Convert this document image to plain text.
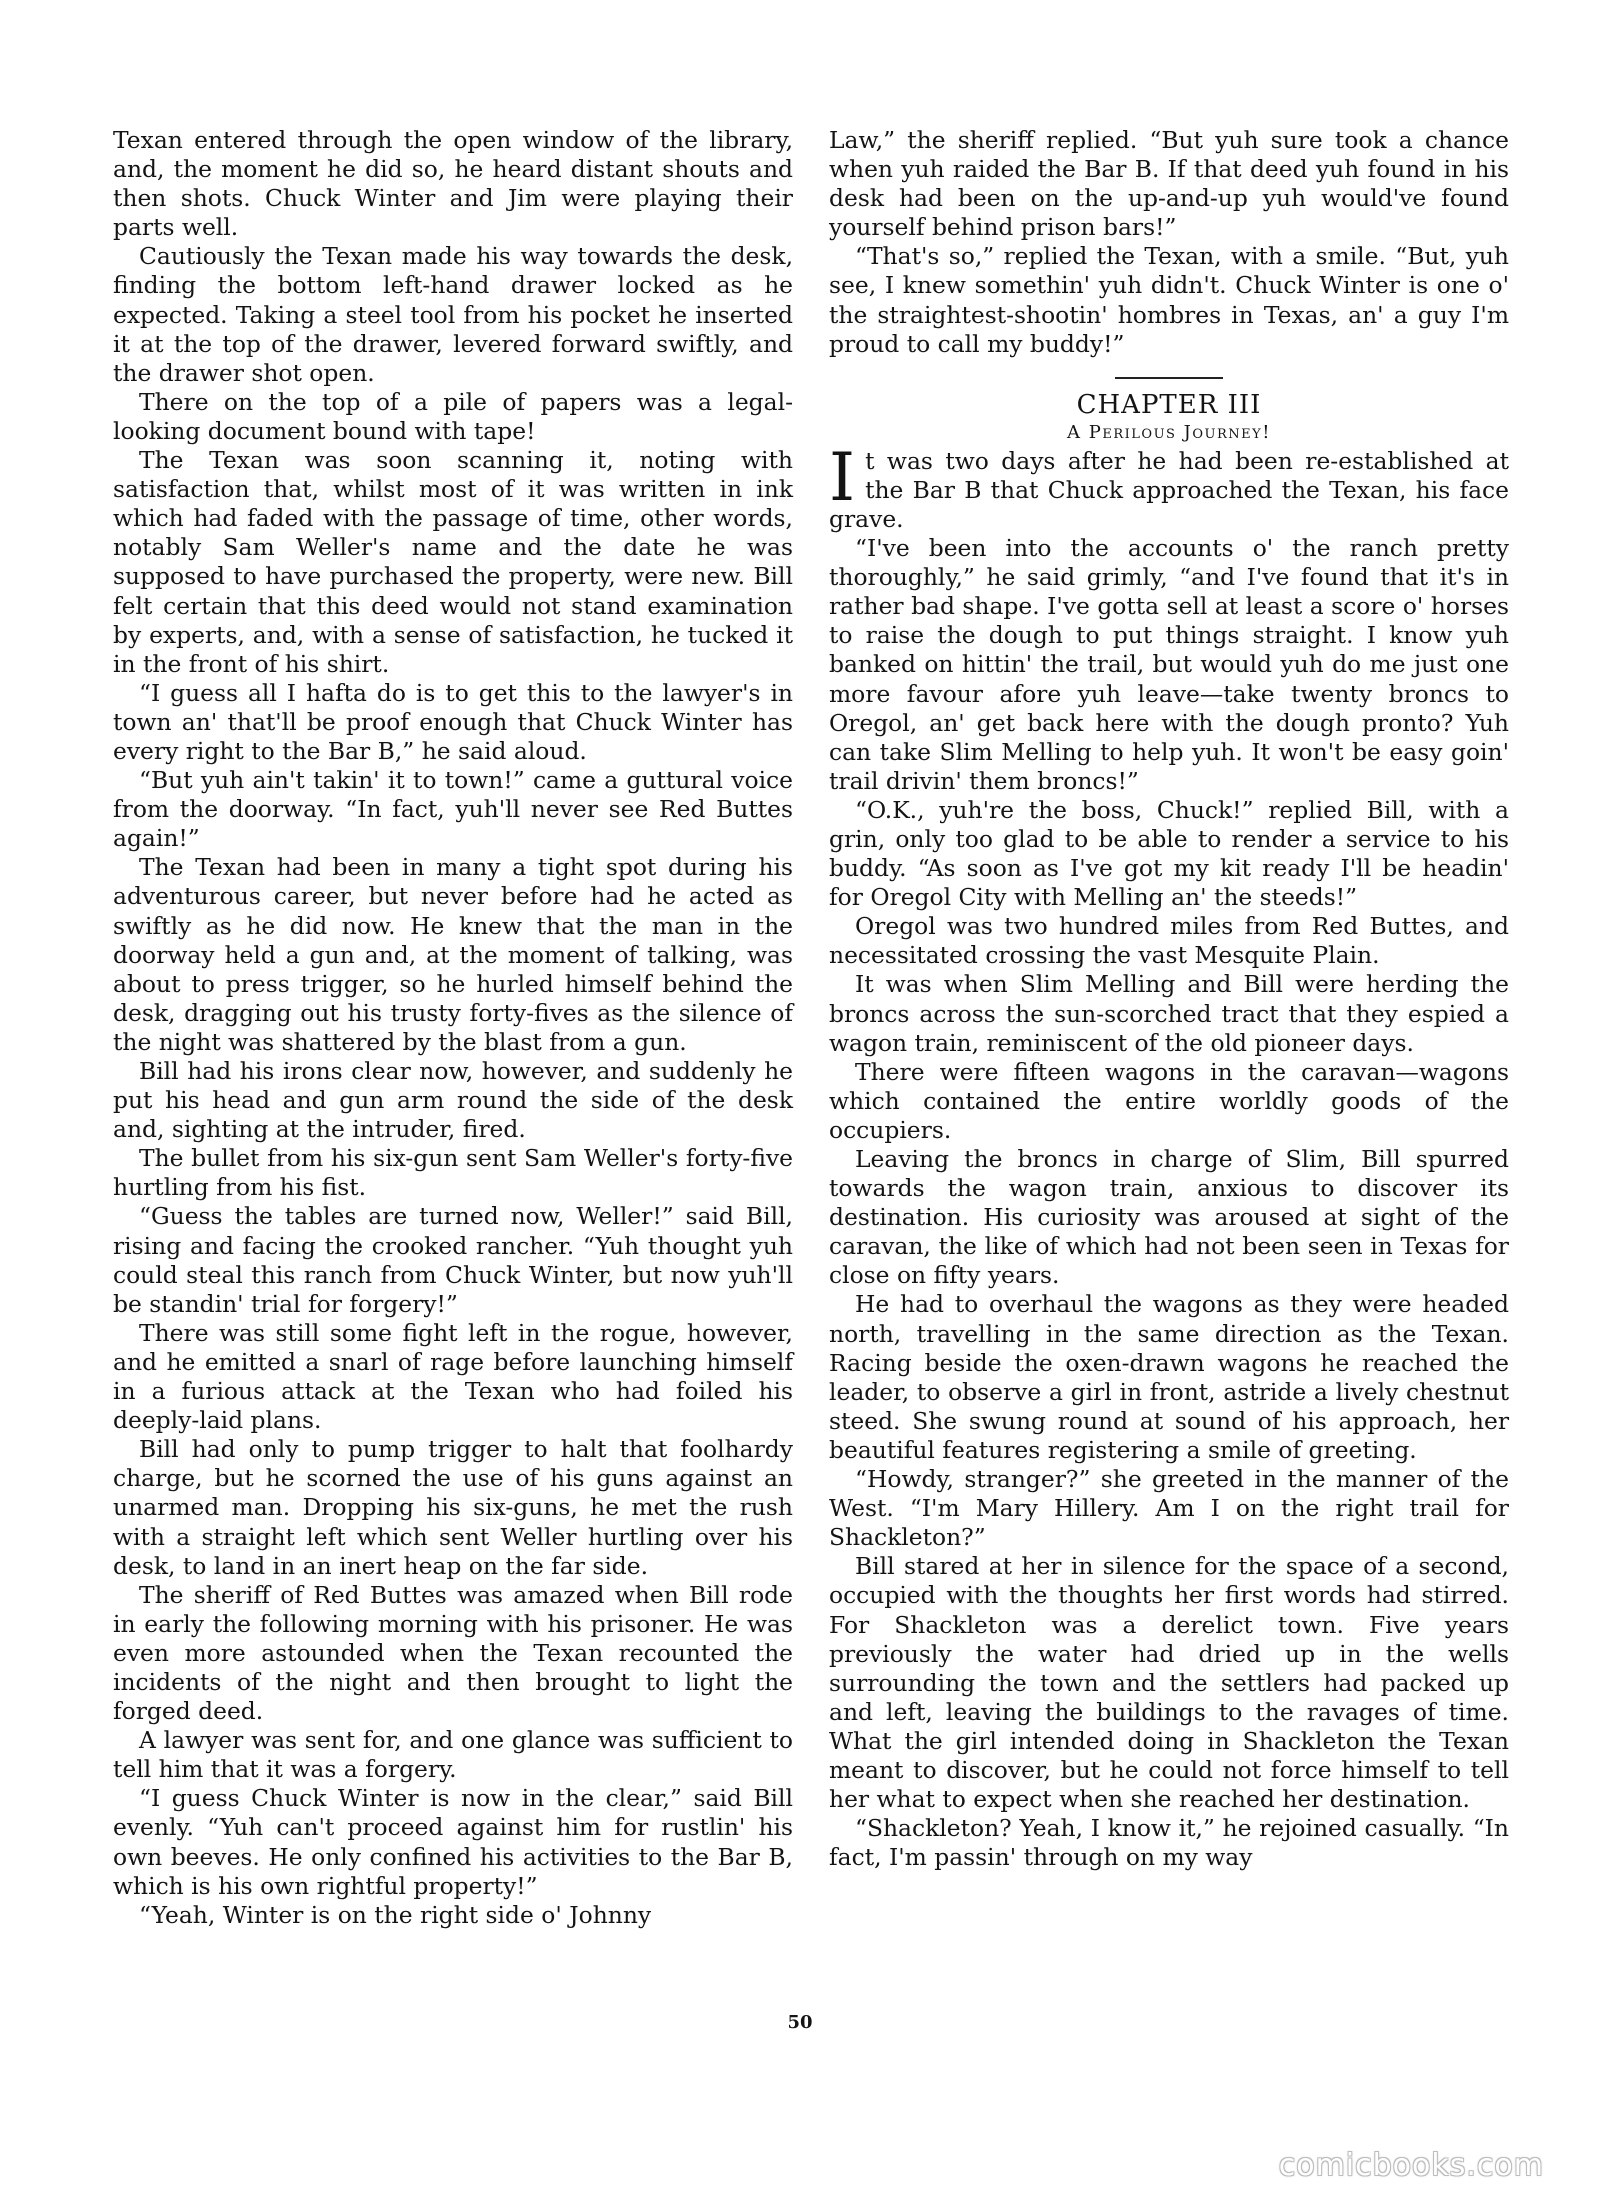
Texan entered through the open window of the library, and, the moment he did so, he heard distant shouts and then shots. Chuck Winter and Jim were playing their parts well.

Cautiously the Texan made his way towards the desk, finding the bottom left-hand drawer locked as he expected. Taking a steel tool from his pocket he inserted it at the top of the drawer, levered forward swiftly, and the drawer shot open.

There on the top of a pile of papers was a legal-looking document bound with tape!

The Texan was soon scanning it, noting with satisfaction that, whilst most of it was written in ink which had faded with the passage of time, other words, notably Sam Weller's name and the date he was supposed to have purchased the property, were new. Bill felt certain that this deed would not stand examination by experts, and, with a sense of satisfaction, he tucked it in the front of his shirt.

“I guess all I hafta do is to get this to the lawyer's in town an' that'll be proof enough that Chuck Winter has every right to the Bar B,” he said aloud.

“But yuh ain't takin' it to town!” came a guttural voice from the doorway. “In fact, yuh'll never see Red Buttes again!”

The Texan had been in many a tight spot during his adventurous career, but never before had he acted as swiftly as he did now. He knew that the man in the doorway held a gun and, at the moment of talking, was about to press trigger, so he hurled himself behind the desk, dragging out his trusty forty-fives as the silence of the night was shattered by the blast from a gun.

Bill had his irons clear now, however, and suddenly he put his head and gun arm round the side of the desk and, sighting at the intruder, fired.

The bullet from his six-gun sent Sam Weller's forty-five hurtling from his fist.

“Guess the tables are turned now, Weller!” said Bill, rising and facing the crooked rancher. “Yuh thought yuh could steal this ranch from Chuck Winter, but now yuh'll be standin' trial for forgery!”

There was still some fight left in the rogue, however, and he emitted a snarl of rage before launching himself in a furious attack at the Texan who had foiled his deeply-laid plans.

Bill had only to pump trigger to halt that foolhardy charge, but he scorned the use of his guns against an unarmed man. Dropping his six-guns, he met the rush with a straight left which sent Weller hurtling over his desk, to land in an inert heap on the far side.

The sheriff of Red Buttes was amazed when Bill rode in early the following morning with his prisoner. He was even more astounded when the Texan recounted the incidents of the night and then brought to light the forged deed.

A lawyer was sent for, and one glance was sufficient to tell him that it was a forgery.

“I guess Chuck Winter is now in the clear,” said Bill evenly. “Yuh can't proceed against him for rustlin' his own beeves. He only confined his activities to the Bar B, which is his own rightful property!”

“Yeah, Winter is on the right side o' Johnny

Law,” the sheriff replied. “But yuh sure took a chance when yuh raided the Bar B. If that deed yuh found in his desk had been on the up-and-up yuh would've found yourself behind prison bars!”

“That's so,” replied the Texan, with a smile. “But, yuh see, I knew somethin' yuh didn't. Chuck Winter is one o' the straightest-shootin' hombres in Texas, an' a guy I'm proud to call my buddy!”

CHAPTER III
A Perilous Journey!

It was two days after he had been re-established at the Bar B that Chuck approached the Texan, his face grave.

“I've been into the accounts o' the ranch pretty thoroughly,” he said grimly, “and I've found that it's in rather bad shape. I've gotta sell at least a score o' horses to raise the dough to put things straight. I know yuh banked on hittin' the trail, but would yuh do me just one more favour afore yuh leave—take twenty broncs to Oregol, an' get back here with the dough pronto? Yuh can take Slim Melling to help yuh. It won't be easy goin' trail drivin' them broncs!”

“O.K., yuh're the boss, Chuck!” replied Bill, with a grin, only too glad to be able to render a service to his buddy. “As soon as I've got my kit ready I'll be headin' for Oregol City with Melling an' the steeds!”

Oregol was two hundred miles from Red Buttes, and necessitated crossing the vast Mesquite Plain.

It was when Slim Melling and Bill were herding the broncs across the sun-scorched tract that they espied a wagon train, reminiscent of the old pioneer days.

There were fifteen wagons in the caravan—wagons which contained the entire worldly goods of the occupiers.

Leaving the broncs in charge of Slim, Bill spurred towards the wagon train, anxious to discover its destination. His curiosity was aroused at sight of the caravan, the like of which had not been seen in Texas for close on fifty years.

He had to overhaul the wagons as they were headed north, travelling in the same direction as the Texan. Racing beside the oxen-drawn wagons he reached the leader, to observe a girl in front, astride a lively chestnut steed. She swung round at sound of his approach, her beautiful features registering a smile of greeting.

“Howdy, stranger?” she greeted in the manner of the West. “I'm Mary Hillery. Am I on the right trail for Shackleton?”

Bill stared at her in silence for the space of a second, occupied with the thoughts her first words had stirred. For Shackleton was a derelict town. Five years previously the water had dried up in the wells surrounding the town and the settlers had packed up and left, leaving the buildings to the ravages of time. What the girl intended doing in Shackleton the Texan meant to discover, but he could not force himself to tell her what to expect when she reached her destination.

“Shackleton? Yeah, I know it,” he rejoined casually. “In fact, I'm passin' through on my way

50
comicbooks.com
